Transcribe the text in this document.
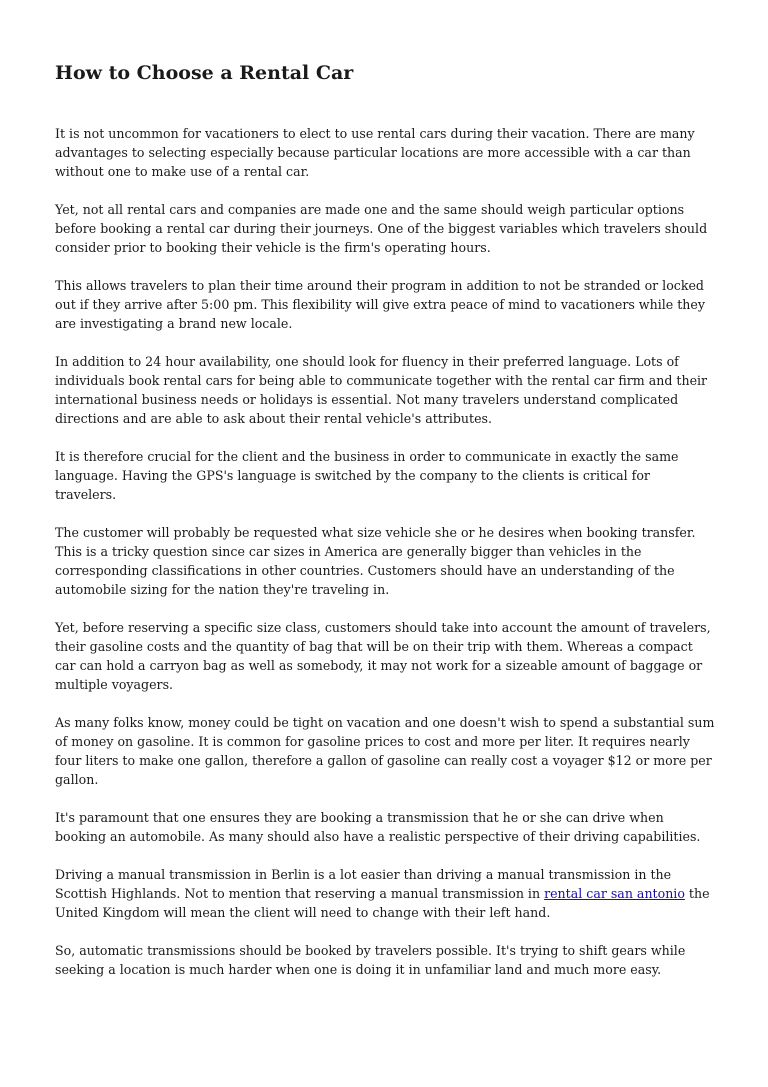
How to Choose a Rental Car

It is not uncommon for vacationers to elect to use rental cars during their vacation. There are many advantages to selecting especially because particular locations are more accessible with a car than without one to make use of a rental car.

Yet, not all rental cars and companies are made one and the same should weigh particular options before booking a rental car during their journeys. One of the biggest variables which travelers should consider prior to booking their vehicle is the firm's operating hours.

This allows travelers to plan their time around their program in addition to not be stranded or locked out if they arrive after 5:00 pm. This flexibility will give extra peace of mind to vacationers while they are investigating a brand new locale.

In addition to 24 hour availability, one should look for fluency in their preferred language. Lots of individuals book rental cars for being able to communicate together with the rental car firm and their international business needs or holidays is essential. Not many travelers understand complicated directions and are able to ask about their rental vehicle's attributes.

It is therefore crucial for the client and the business in order to communicate in exactly the same language. Having the GPS's language is switched by the company to the clients is critical for travelers.

The customer will probably be requested what size vehicle she or he desires when booking transfer. This is a tricky question since car sizes in America are generally bigger than vehicles in the corresponding classifications in other countries. Customers should have an understanding of the automobile sizing for the nation they're traveling in.

Yet, before reserving a specific size class, customers should take into account the amount of travelers, their gasoline costs and the quantity of bag that will be on their trip with them. Whereas a compact car can hold a carryon bag as well as somebody, it may not work for a sizeable amount of baggage or multiple voyagers.

As many folks know, money could be tight on vacation and one doesn't wish to spend a substantial sum of money on gasoline. It is common for gasoline prices to cost and more per liter. It requires nearly four liters to make one gallon, therefore a gallon of gasoline can really cost a voyager $12 or more per gallon.

It's paramount that one ensures they are booking a transmission that he or she can drive when booking an automobile. As many should also have a realistic perspective of their driving capabilities.

Driving a manual transmission in Berlin is a lot easier than driving a manual transmission in the Scottish Highlands. Not to mention that reserving a manual transmission in rental car san antonio the United Kingdom will mean the client will need to change with their left hand.

So, automatic transmissions should be booked by travelers possible. It's trying to shift gears while seeking a location is much harder when one is doing it in unfamiliar land and much more easy.
